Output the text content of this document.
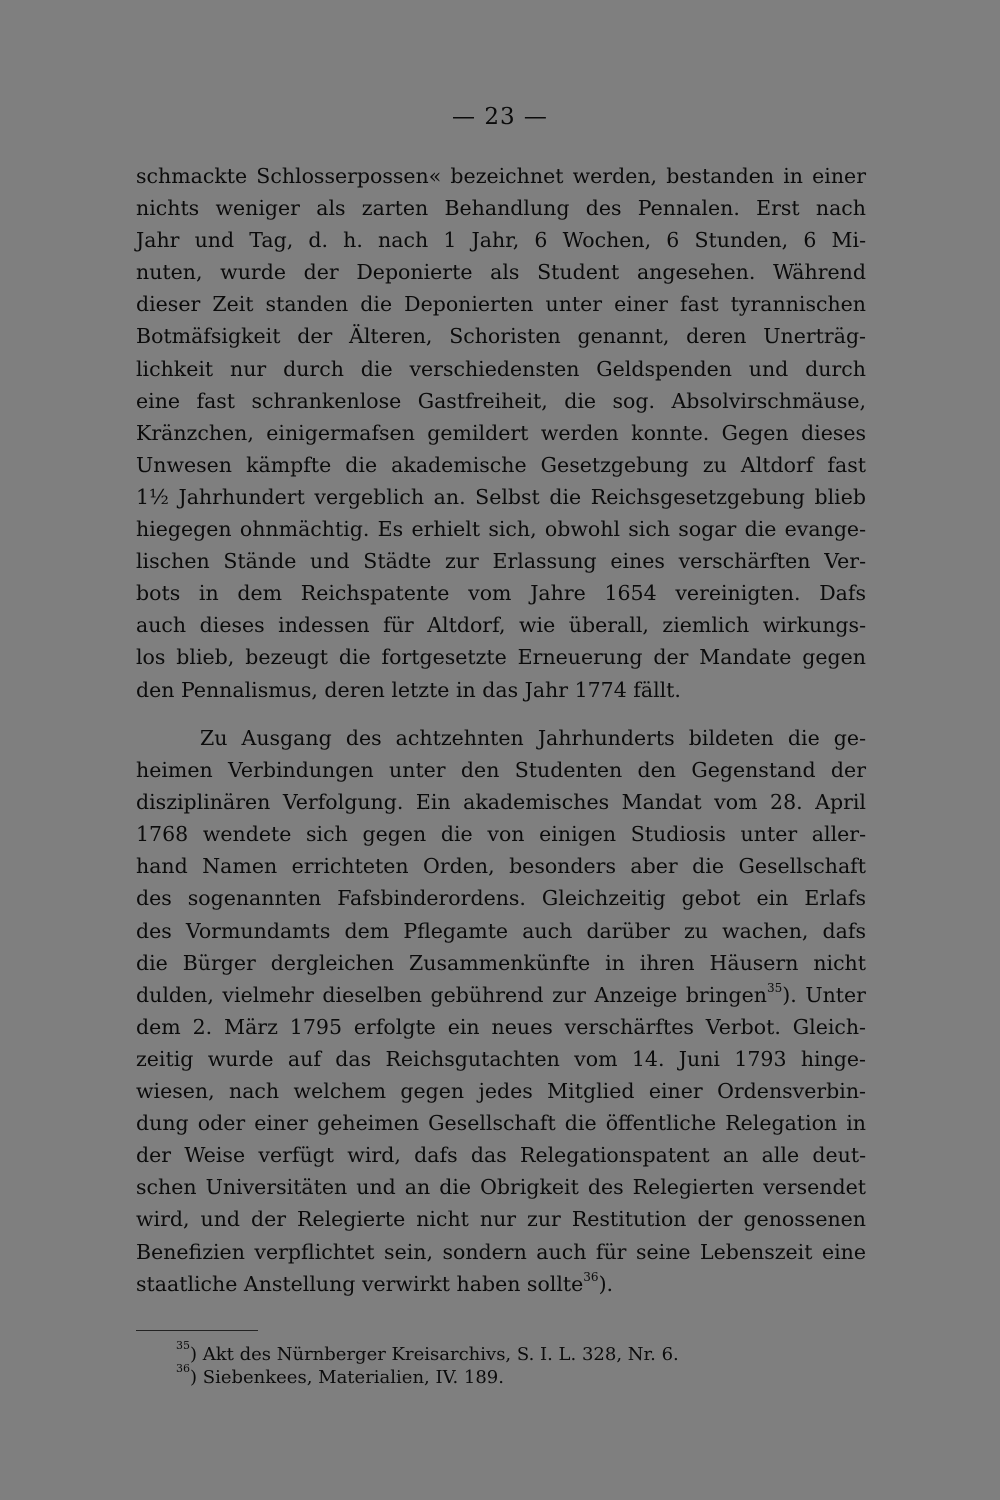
— 23 —
schmackte Schlosserpossen« bezeichnet werden, bestanden in einer
nichts weniger als zarten Behandlung des Pennalen. Erst nach
Jahr und Tag, d. h. nach 1 Jahr, 6 Wochen, 6 Stunden, 6 Mi-
nuten, wurde der Deponierte als Student angesehen. Während
dieser Zeit standen die Deponierten unter einer fast tyrannischen
Botmäfsigkeit der Älteren, Schoristen genannt, deren Unerträg-
lichkeit nur durch die verschiedensten Geldspenden und durch
eine fast schrankenlose Gastfreiheit, die sog. Absolvirschmäuse,
Kränzchen, einigermafsen gemildert werden konnte. Gegen dieses
Unwesen kämpfte die akademische Gesetzgebung zu Altdorf fast
1½ Jahrhundert vergeblich an. Selbst die Reichsgesetzgebung blieb
hiegegen ohnmächtig. Es erhielt sich, obwohl sich sogar die evange-
lischen Stände und Städte zur Erlassung eines verschärften Ver-
bots in dem Reichspatente vom Jahre 1654 vereinigten. Dafs
auch dieses indessen für Altdorf, wie überall, ziemlich wirkungs-
los blieb, bezeugt die fortgesetzte Erneuerung der Mandate gegen
den Pennalismus, deren letzte in das Jahr 1774 fällt.
Zu Ausgang des achtzehnten Jahrhunderts bildeten die ge-
heimen Verbindungen unter den Studenten den Gegenstand der
disziplinären Verfolgung. Ein akademisches Mandat vom 28. April
1768 wendete sich gegen die von einigen Studiosis unter aller-
hand Namen errichteten Orden, besonders aber die Gesellschaft
des sogenannten Fafsbinderordens. Gleichzeitig gebot ein Erlafs
des Vormundamts dem Pflegamte auch darüber zu wachen, dafs
die Bürger dergleichen Zusammenkünfte in ihren Häusern nicht
dulden, vielmehr dieselben gebührend zur Anzeige bringen$^{35}$). Unter
dem 2. März 1795 erfolgte ein neues verschärftes Verbot. Gleich-
zeitig wurde auf das Reichsgutachten vom 14. Juni 1793 hinge-
wiesen, nach welchem gegen jedes Mitglied einer Ordensverbin-
dung oder einer geheimen Gesellschaft die öffentliche Relegation in
der Weise verfügt wird, dafs das Relegationspatent an alle deut-
schen Universitäten und an die Obrigkeit des Relegierten versendet
wird, und der Relegierte nicht nur zur Restitution der genossenen
Benefizien verpflichtet sein, sondern auch für seine Lebenszeit eine
staatliche Anstellung verwirkt haben sollte$^{36}$).
$^{35}$) Akt des Nürnberger Kreisarchivs, S. I. L. 328, Nr. 6.
$^{36}$) Siebenkees, Materialien, IV. 189.
